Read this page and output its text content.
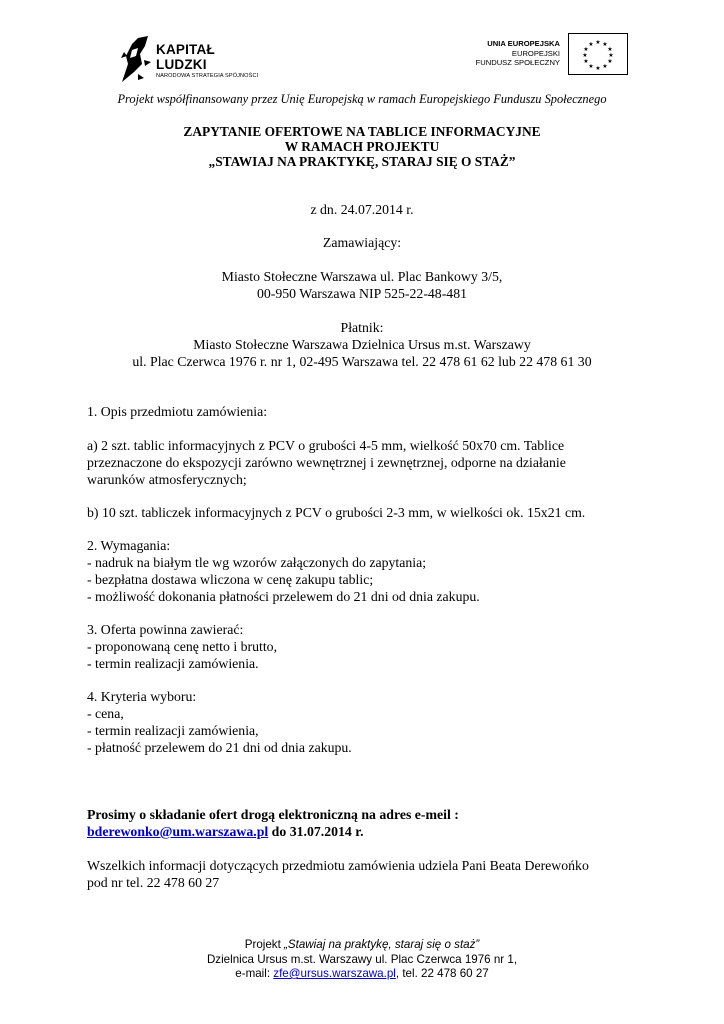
KAPITAŁ LUDZKI
NARODOWA STRATEGIA SPÓJNOŚCI
UNIA EUROPEJSKA
EUROPEJSKI
FUNDUSZ SPOŁECZNY
★ ★
★
★
★
★
★
★
★
★
★
★
Projekt współfinansowany przez Unię Europejską w ramach Europejskiego Funduszu Społecznego
ZAPYTANIE OFERTOWE NA TABLICE INFORMACYJNE
W RAMACH PROJEKTU
„STAWIAJ NA PRAKTYKĘ, STARAJ SIĘ O STAŻ”
z dn. 24.07.2014 r.
Zamawiający:
Miasto Stołeczne Warszawa ul. Plac Bankowy 3/5,
00-950 Warszawa NIP 525-22-48-481
Płatnik:
Miasto Stołeczne Warszawa Dzielnica Ursus m.st. Warszawy
ul. Plac Czerwca 1976 r. nr 1, 02-495 Warszawa tel. 22 478 61 62 lub 22 478 61 30
1. Opis przedmiotu zamówienia:
a) 2 szt. tablic informacyjnych z PCV o grubości 4-5 mm, wielkość 50x70 cm. Tablice
przeznaczone do ekspozycji zarówno wewnętrznej i zewnętrznej, odporne na działanie
warunków atmosferycznych;
b) 10 szt. tabliczek informacyjnych z PCV o grubości 2-3 mm, w wielkości ok. 15x21 cm.
2. Wymagania:
- nadruk na białym tle wg wzorów załączonych do zapytania;
- bezpłatna dostawa wliczona w cenę zakupu tablic;
- możliwość dokonania płatności przelewem do 21 dni od dnia zakupu.
3. Oferta powinna zawierać:
- proponowaną cenę netto i brutto,
- termin realizacji zamówienia.
4. Kryteria wyboru:
- cena,
- termin realizacji zamówienia,
- płatność przelewem do 21 dni od dnia zakupu.
Prosimy o składanie ofert drogą elektroniczną na adres e-meil :
bderewonko@um.warszawa.pl do 31.07.2014 r.
Wszelkich informacji dotyczących przedmiotu zamówienia udziela Pani Beata Derewońko
pod nr tel. 22 478 60 27
Projekt „Stawiaj na praktykę, staraj się o staż”
Dzielnica Ursus m.st. Warszawy ul. Plac Czerwca 1976 nr 1,
e-mail: zfe@ursus.warszawa.pl, tel. 22 478 60 27
